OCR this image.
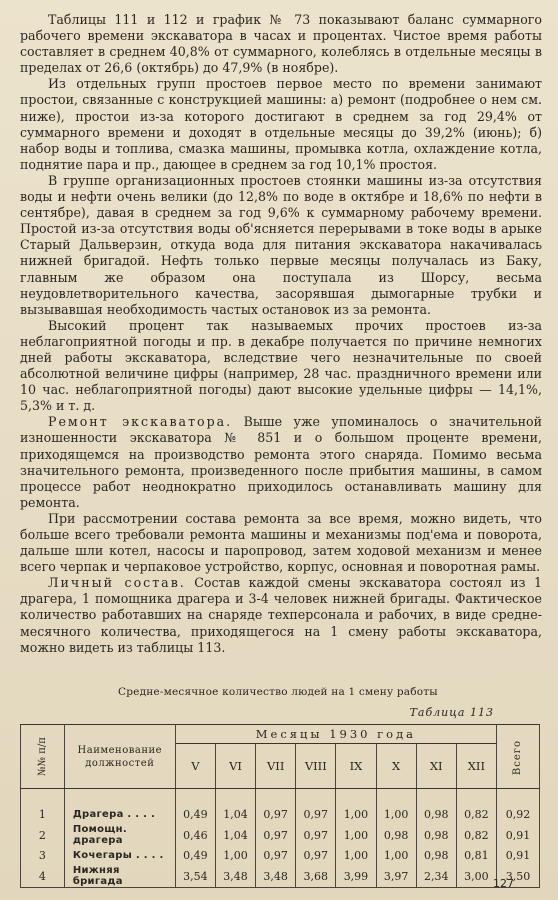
Таблицы 111 и 112 и график № 73 показывают баланс суммарного рабочего времени экскаватора в часах и процентах. Чистое время работы составляет в среднем 40,8% от суммарного, колеблясь в отдельные месяцы в пределах от 26,6 (октябрь) до 47,9% (в ноябре).

Из отдельных групп простоев первое место по времени занимают простои, связанные с конструкцией машины: а) ремонт (подробнее о нем см. ниже), простои из-за которого достигают в среднем за год 29,4% от суммарного времени и доходят в отдельные месяцы до 39,2% (июнь); б) набор воды и топлива, смазка машины, промывка котла, охлаждение котла, поднятие пара и пр., дающее в среднем за год 10,1% простоя.

В группе организационных простоев стоянки машины из-за отсутствия воды и нефти очень велики (до 12,8% по воде в октябре и 18,6% по нефти в сентябре), давая в среднем за год 9,6% к суммарному рабочему времени. Простой из-за отсутствия воды об'ясняется перерывами в токе воды в арыке Старый Дальверзин, откуда вода для питания экскаватора накачивалась нижней бригадой. Нефть только первые месяцы получалась из Баку, главным же образом она поступала из Шорсу, весьма неудовлетворительного качества, засорявшая дымогарные трубки и вызывавшая необходимость частых остановок из за ремонта.

Высокий процент так называемых прочих простоев из-за неблагоприятной погоды и пр. в декабре получается по причине немногих дней работы экскаватора, вследствие чего незначительные по своей абсолютной величине цифры (например, 28 час. праздничного времени или 10 час. неблагоприятной погоды) дают высокие удельные цифры — 14,1%, 5,3% и т. д.

Ремонт экскаватора. Выше уже упоминалось о значительной изношенности экскаватора № 851 и о большом проценте времени, приходящемся на производство ремонта этого снаряда. Помимо весьма значительного ремонта, произведенного после прибытия машины, в самом процессе работ неоднократно приходилось останавливать машину для ремонта.

При рассмотрении состава ремонта за все время, можно видеть, что больше всего требовали ремонта машины и механизмы под'ема и поворота, дальше шли котел, насосы и паропровод, затем ходовой механизм и менее всего черпак и черпаковое устройство, корпус, основная и поворотная рамы.

Личный состав. Состав каждой смены экскаватора состоял из 1 драгера, 1 помощника драгера и 3-4 человек нижней бригады. Фактическое количество работавших на снаряде техперсонала и рабочих, в виде средне-месячного количества, приходящегося на 1 смену работы экскаватора, можно видеть из таблицы 113.

Средне-месячное количество людей на 1 смену работы
Таблица 113
№№ п/п	Наименование должностей	Месяцы 1930 года								Всего
		V	VI	VII	VIII	IX	X	XI	XII	
1	Драгера . . . .	0,49	1,04	0,97	0,97	1,00	1,00	0,98	0,82	0,92
2	Помощн. драгера	0,46	1,04	0,97	0,97	1,00	0,98	0,98	0,82	0,91
3	Кочегары . . . .	0,49	1,00	0,97	0,97	1,00	1,00	0,98	0,81	0,91
4	Нижняя бригада	3,54	3,48	3,48	3,68	3,99	3,97	2,34	3,00	3,50
127
